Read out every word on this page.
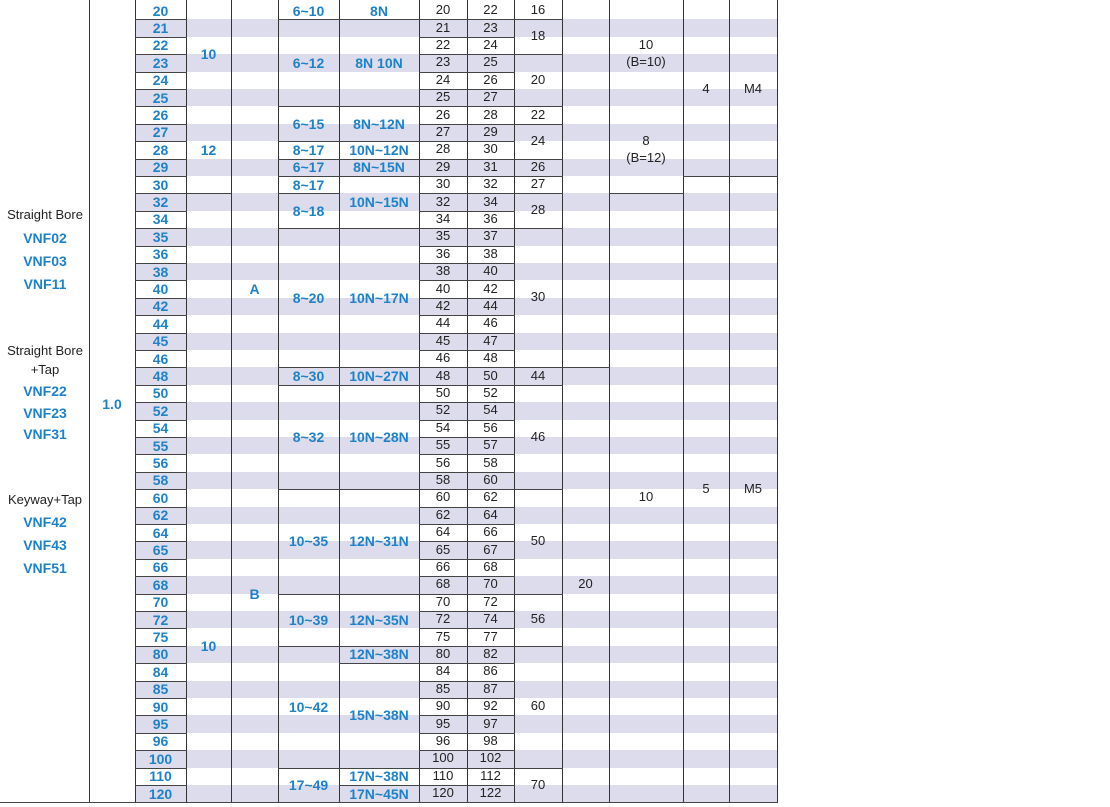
20
21
22
23
24
25
26
27
28
29
30
32
34
35
36
38
40
42
44
45
46
48
50
52
54
55
56
58
60
62
64
65
66
68
70
72
75
80
84
85
90
95
96
100
110
120
10
12
10
A
B
6~10
6~12
6~15
8~17
6~17
8~17
8~18
8~20
8~30
8~32
10~35
10~39
10~42
17~49
8N
8N 10N
8N~12N
10N~12N
8N~15N
10N~15N
10N~17N
10N~27N
10N~28N
12N~31N
12N~35N
12N~38N
15N~38N
17N~38N
17N~45N
20
21
22
23
24
25
26
27
28
29
30
32
34
35
36
38
40
42
44
45
46
48
50
52
54
55
56
58
60
62
64
65
66
68
70
72
75
80
84
85
90
95
96
100
110
120
22
23
24
25
26
27
28
29
30
31
32
34
36
37
38
40
42
44
46
47
48
50
52
54
56
57
58
60
62
64
66
67
68
70
72
74
77
82
86
87
92
97
98
102
112
122
16
18
20
22
24
26
27
28
30
44
46
50
56
60
70
20
10
(B=10)
8
(B=12)
10
4
5
M4
M5
Straight Bore
VNF02
VNF03
VNF11
Straight Bore
+Tap
VNF22
VNF23
VNF31
Keyway+Tap
VNF42
VNF43
VNF51
1.0
